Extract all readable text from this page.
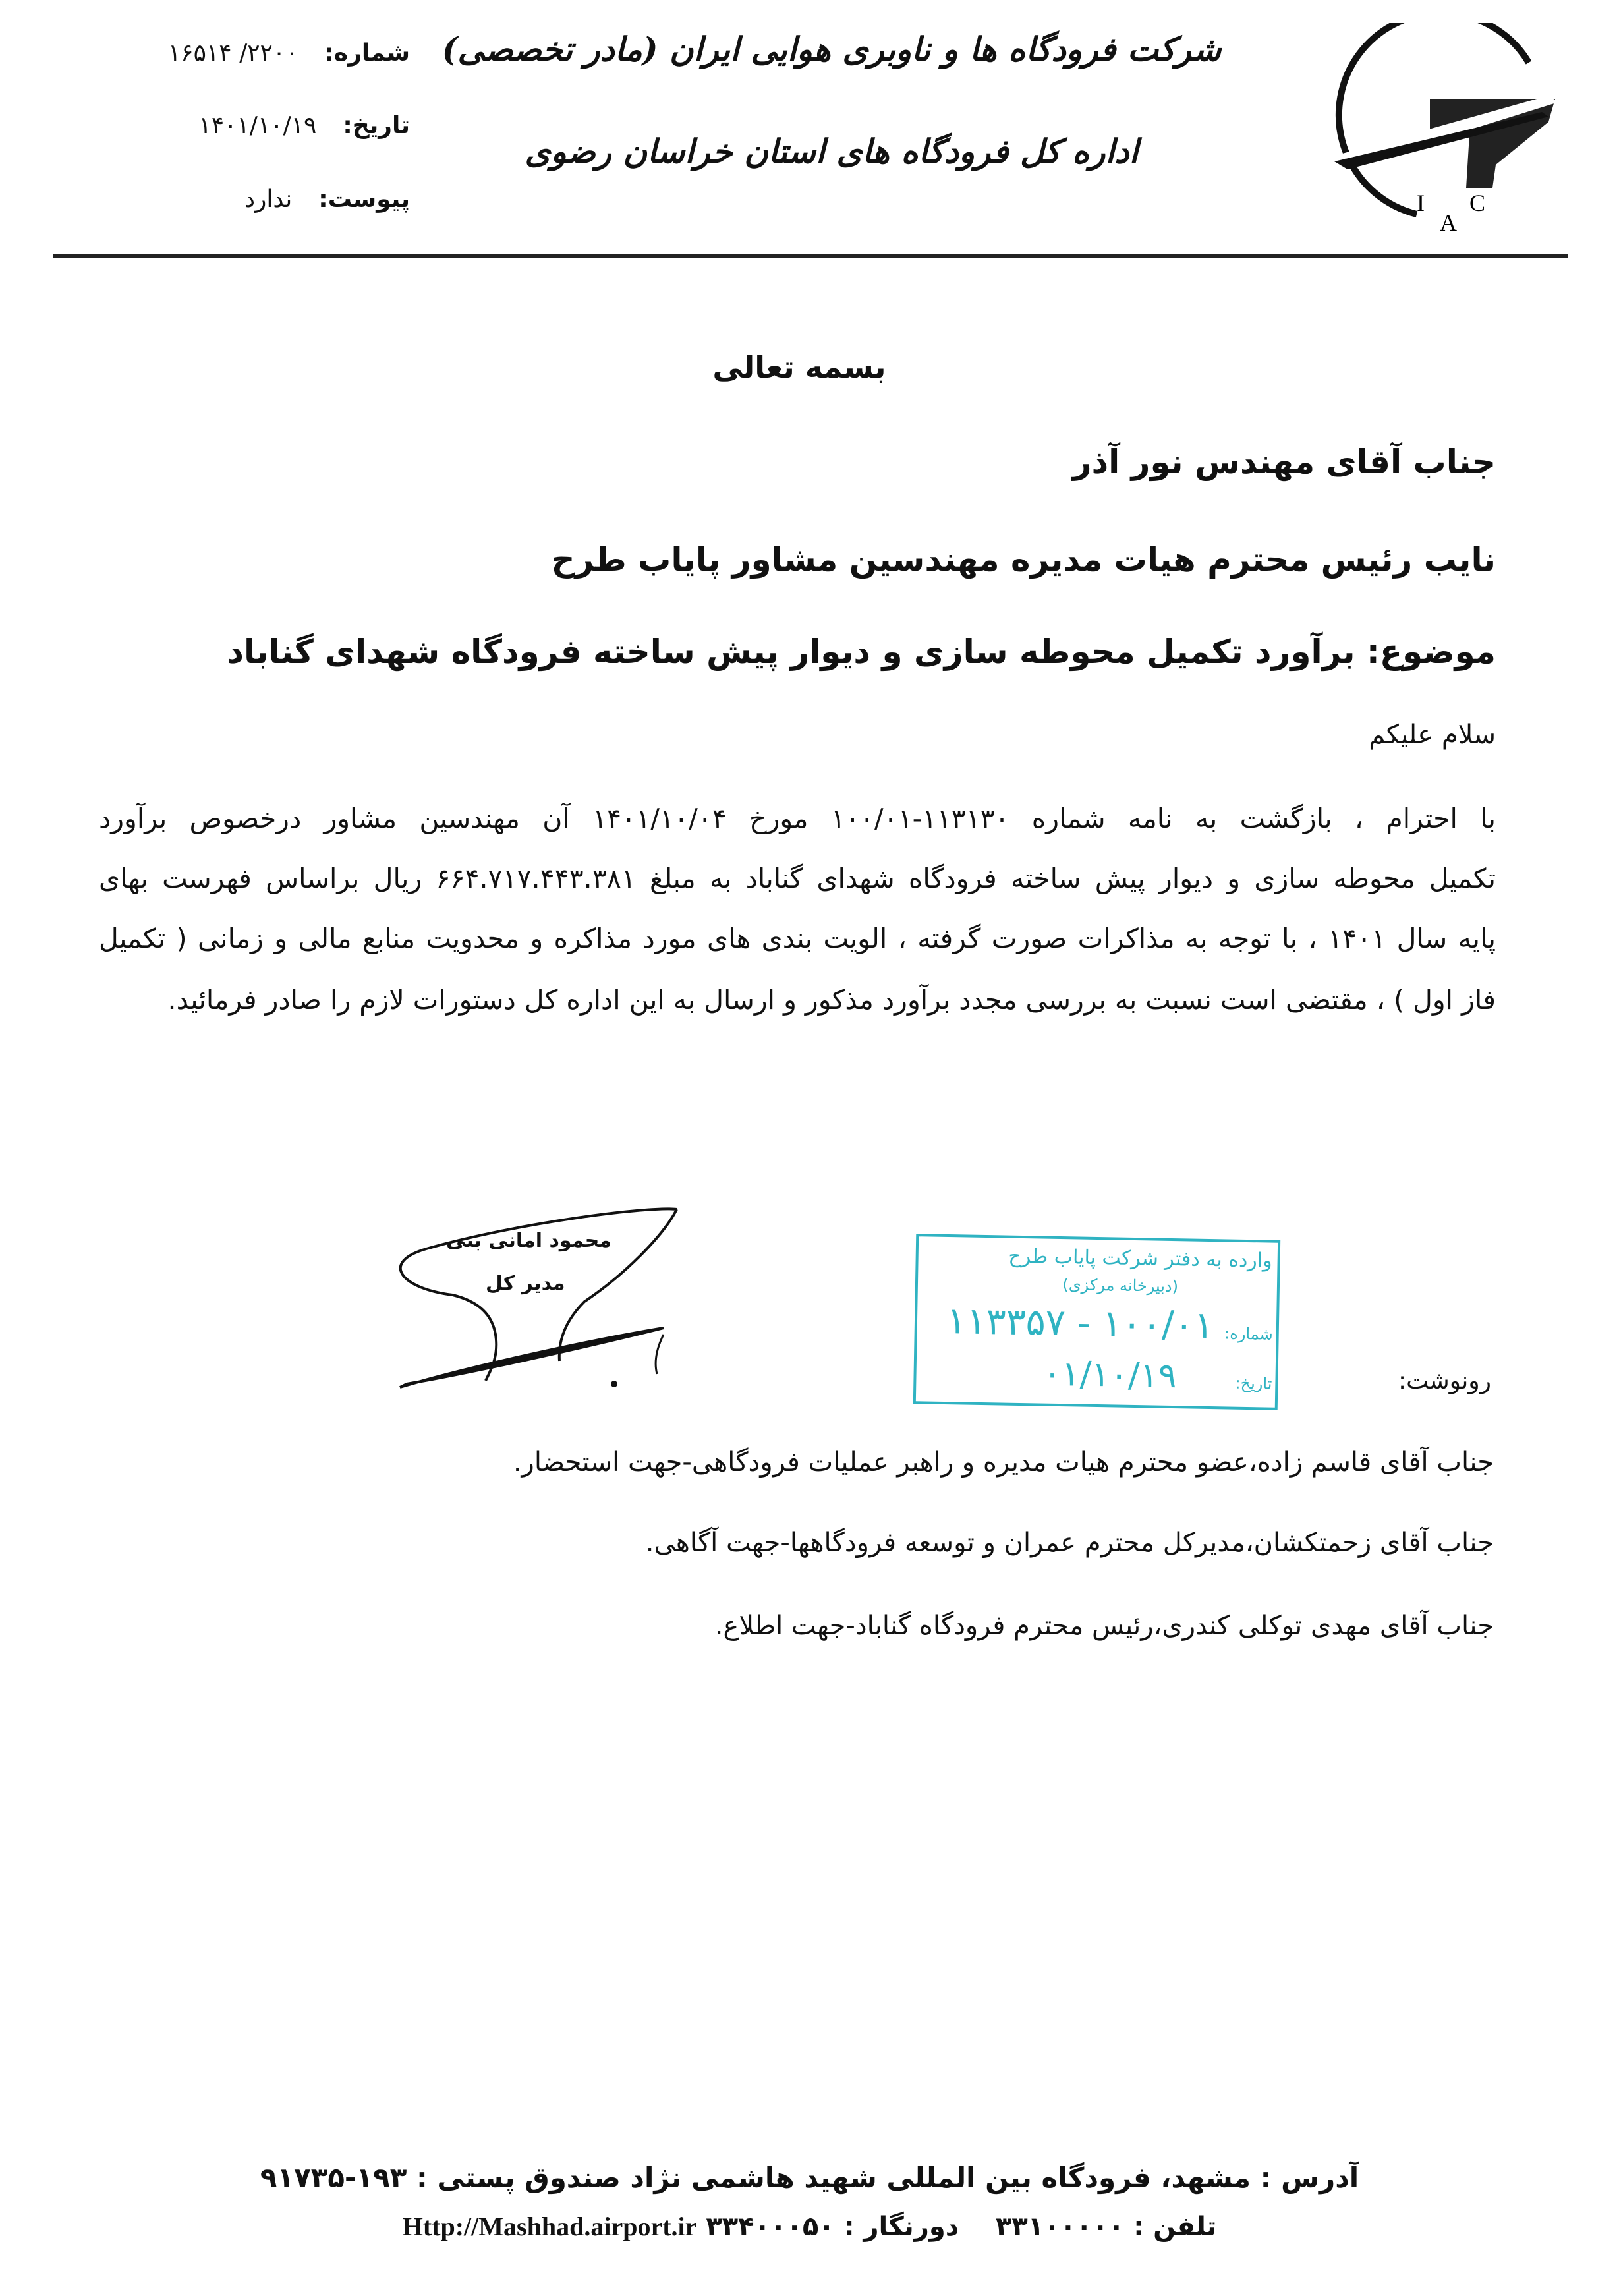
I
A
C
شرکت فرودگاه ها و ناوبری هوایی ایران (مادر تخصصی)
اداره کل فرودگاه های استان خراسان رضوی
شماره:
۲۲۰۰/ ۱۶۵۱۴
تاریخ:
۱۴۰۱/۱۰/۱۹
پیوست:
ندارد
بسمه تعالی
جناب آقای مهندس نور آذر
نایب رئیس محترم هیات مدیره مهندسین مشاور پایاب طرح
موضوع: برآورد تکمیل محوطه سازی و دیوار پیش ساخته فرودگاه شهدای گناباد
سلام علیکم
با احترام ، بازگشت به نامه شماره ۱۱۳۱۳۰-۱۰۰/۰۱ مورخ ۱۴۰۱/۱۰/۰۴ آن مهندسین مشاور درخصوص برآورد
تکمیل محوطه سازی و دیوار پیش ساخته فرودگاه شهدای گناباد به مبلغ ۶۶۴.۷۱۷.۴۴۳.۳۸۱ ریال براساس فهرست بهای
پایه سال ۱۴۰۱ ، با توجه به مذاکرات صورت گرفته ، الویت بندی های مورد مذاکره و محدویت منابع مالی و زمانی ( تکمیل
فاز اول ) ، مقتضی است نسبت به بررسی مجدد برآورد مذکور و ارسال به این اداره کل دستورات لازم را صادر فرمائید.
محمود امانی بنی
مدیر کل
وارده به دفتر شرکت پایاب طرح
(دبیرخانه مرکزی)
شماره:
۱۱۳۳۵۷ - ۱۰۰/۰۱
تاریخ:
۰۱/۱۰/۱۹	رونوشت:
جناب آقای قاسم زاده،عضو محترم هیات مدیره و راهبر عملیات فرودگاهی-جهت استحضار.
جناب آقای زحمتکشان،مدیرکل محترم عمران و توسعه فرودگاهها-جهت آگاهی.
جناب آقای مهدی توکلی کندری،رئیس محترم فرودگاه گناباد-جهت اطلاع.
آدرس : مشهد، فرودگاه بین المللی شهید هاشمی نژاد صندوق پستی : ۱۹۳-۹۱۷۳۵
تلفن : ۳۳۱۰۰۰۰۰    دورنگار : ۳۳۴۰۰۰۵۰ Http://Mashhad.airport.ir
